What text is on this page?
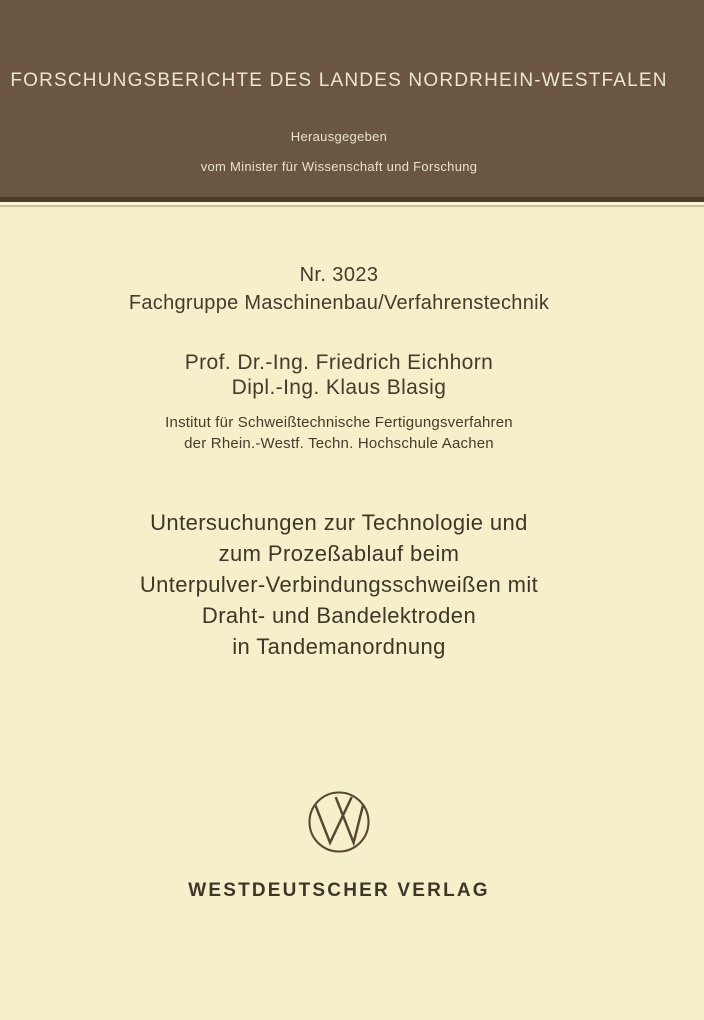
FORSCHUNGSBERICHTE DES LANDES NORDRHEIN-WESTFALEN
Herausgegeben
vom Minister für Wissenschaft und Forschung
Nr. 3023
Fachgruppe Maschinenbau/Verfahrenstechnik
Prof. Dr.-Ing. Friedrich Eichhorn
Dipl.-Ing. Klaus Blasig
Institut für Schweißtechnische Fertigungsverfahren
der Rhein.-Westf. Techn. Hochschule Aachen
Untersuchungen zur Technologie und
zum Prozeßablauf beim
Unterpulver-Verbindungsschweißen mit
Draht- und Bandelektroden
in Tandemanordnung
WESTDEUTSCHER VERLAG
